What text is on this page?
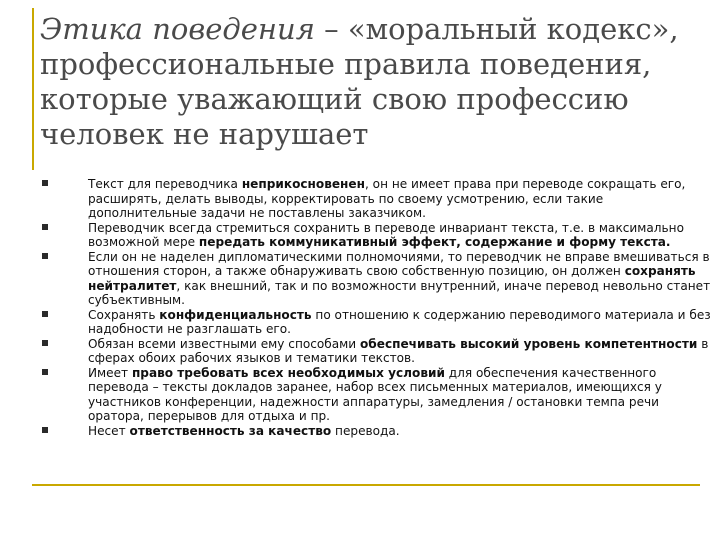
Этика поведения – «моральный кодекс», профессиональные правила поведения, которые уважающий свою профессию человек не нарушает
Текст для переводчика неприкосновенен, он не имеет права при переводе сокращать его, расширять, делать выводы, корректировать по своему усмотрению, если такие дополнительные задачи не поставлены заказчиком.
Переводчик всегда стремиться сохранить в переводе инвариант текста, т.е. в максимально возможной мере передать коммуникативный эффект, содержание и форму текста.
Если он не наделен дипломатическими полномочиями, то переводчик не вправе вмешиваться в отношения сторон, а также обнаруживать свою собственную позицию, он должен сохранять нейтралитет, как внешний, так и по возможности внутренний, иначе перевод невольно станет субъективным.
Сохранять конфиденциальность по отношению к содержанию переводимого материала и без надобности не разглашать его.
Обязан всеми известными ему способами обеспечивать высокий уровень компетентности в сферах обоих рабочих языков и тематики текстов.
Имеет право требовать всех необходимых условий для обеспечения качественного перевода – тексты докладов заранее, набор всех письменных материалов, имеющихся у участников конференции, надежности аппаратуры, замедления / остановки темпа речи оратора, перерывов для отдыха и пр.
Несет ответственность за качество перевода.
